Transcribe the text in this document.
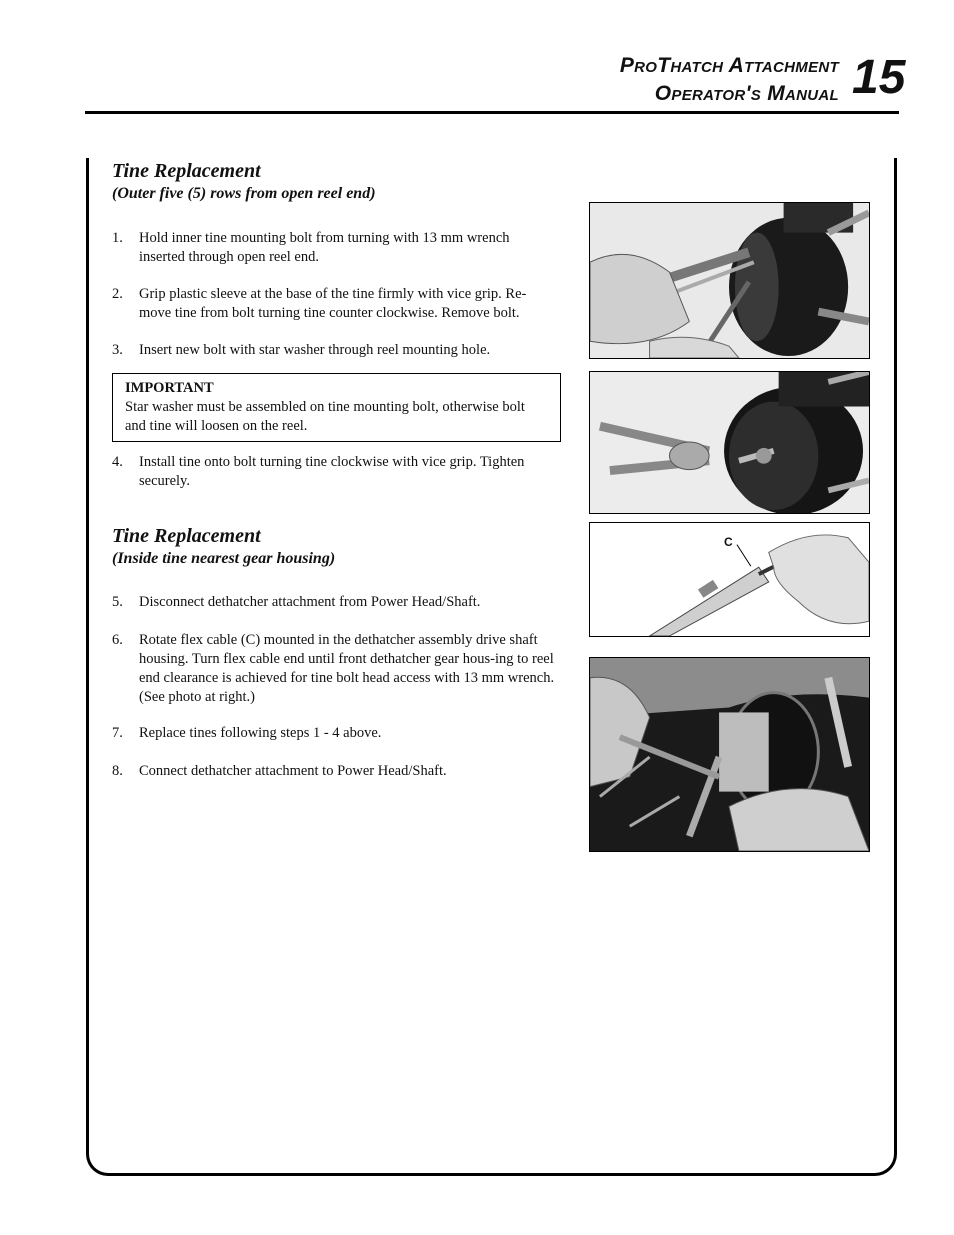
ProThatch Attachment
Operator's Manual 15
Tine Replacement
(Outer five (5) rows from open reel end)
1. Hold inner tine mounting bolt from turning with 13 mm wrench inserted through open reel end.
2. Grip plastic sleeve at the base of the tine firmly with vice grip. Re-move tine from bolt turning tine counter clockwise. Remove bolt.
3. Insert new bolt with star washer through reel mounting hole.
IMPORTANT
Star washer must be assembled on tine mounting bolt, otherwise bolt and tine will loosen on the reel.
4. Install tine onto bolt turning tine clockwise with vice grip. Tighten securely.
Tine Replacement
(Inside tine nearest gear housing)
5. Disconnect dethatcher attachment from Power Head/Shaft.
6. Rotate flex cable (C) mounted in the dethatcher assembly drive shaft housing. Turn flex cable end until front dethatcher gear hous-ing to reel end clearance is achieved for tine bolt head access with 13 mm wrench. (See photo at right.)
7. Replace tines following steps 1 - 4 above.
8. Connect dethatcher attachment to Power Head/Shaft.
C
